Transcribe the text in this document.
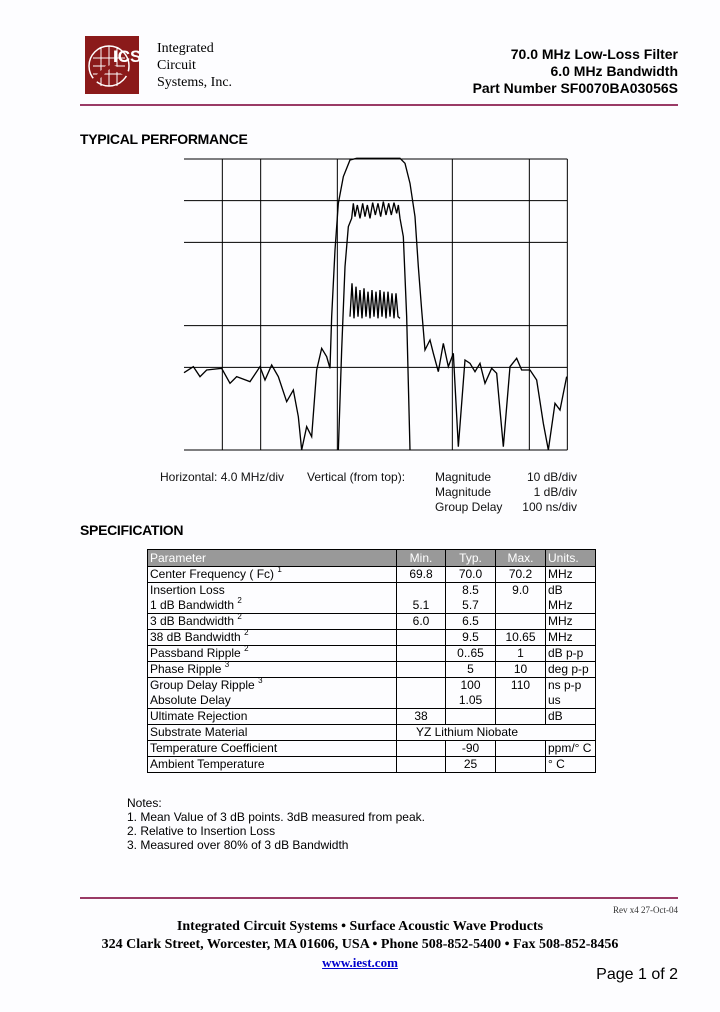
ICS Integrated
Circuit
Systems, Inc.
70.0 MHz Low-Loss Filter
6.0 MHz Bandwidth
Part Number SF0070BA03056S
TYPICAL PERFORMANCE
Horizontal: 4.0 MHz/div Vertical (from top): Magnitude
Magnitude
Group Delay
10 dB/div
1 dB/div
100 ns/div
SPECIFICATION
Parameter	Min.	Typ.	Max.	Units.
Center Frequency ( Fc) $^1$	69.8	70.0	70.2	MHz
Insertion Loss		8.5	9.0	dB
1 dB Bandwidth $^2$	5.1	5.7		MHz
3 dB Bandwidth $^2$	6.0	6.5		MHz
38 dB Bandwidth $^2$		9.5	10.65	MHz
Passband Ripple $^2$		0..65	1	dB p-p
Phase Ripple $^3$		5	10	deg p-p
Group Delay Ripple $^3$		100	110	ns p-p
Absolute Delay		1.05		us
Ultimate Rejection	38			dB
Substrate Material	YZ Lithium Niobate			
Temperature Coefficient		-90		ppm/° C
Ambient Temperature		25		° C
Notes:
1. Mean Value of 3 dB points. 3dB measured from peak.
2. Relative to Insertion Loss
3. Measured over 80% of 3 dB Bandwidth
Rev x4 27-Oct-04
Integrated Circuit Systems • Surface Acoustic Wave Products
324 Clark Street, Worcester, MA 01606, USA • Phone 508-852-5400 • Fax 508-852-8456
www.iest.com
Page 1 of 2
